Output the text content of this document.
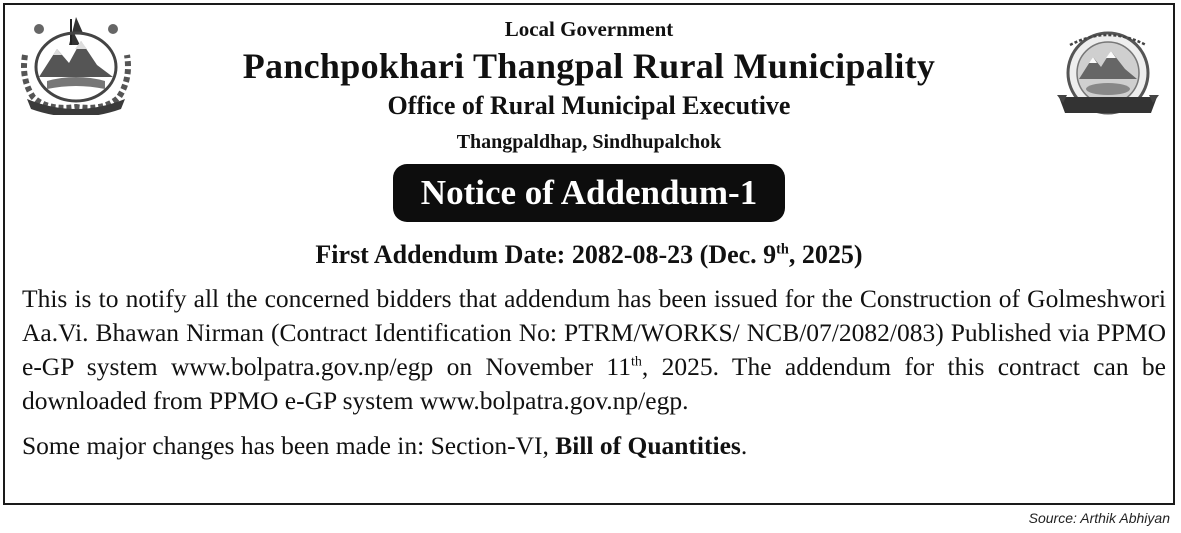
Local Government
Panchpokhari Thangpal Rural Municipality
Office of Rural Municipal Executive
Thangpaldhap, Sindhupalchok
Notice of Addendum-1
First Addendum Date: 2082-08-23 (Dec. 9th, 2025)

This is to notify all the concerned bidders that addendum has been issued for the Construction of Golmeshwori Aa.Vi. Bhawan Nirman (Contract Identification No: PTRM/WORKS/ NCB/07/2082/083) Published via PPMO e-GP system www.bolpatra.gov.np/egp on November 11th, 2025. The addendum for this contract can be downloaded from PPMO e-GP system www.bolpatra.gov.np/egp.

Some major changes has been made in: Section-VI, Bill of Quantities.

Source: Arthik Abhiyan
